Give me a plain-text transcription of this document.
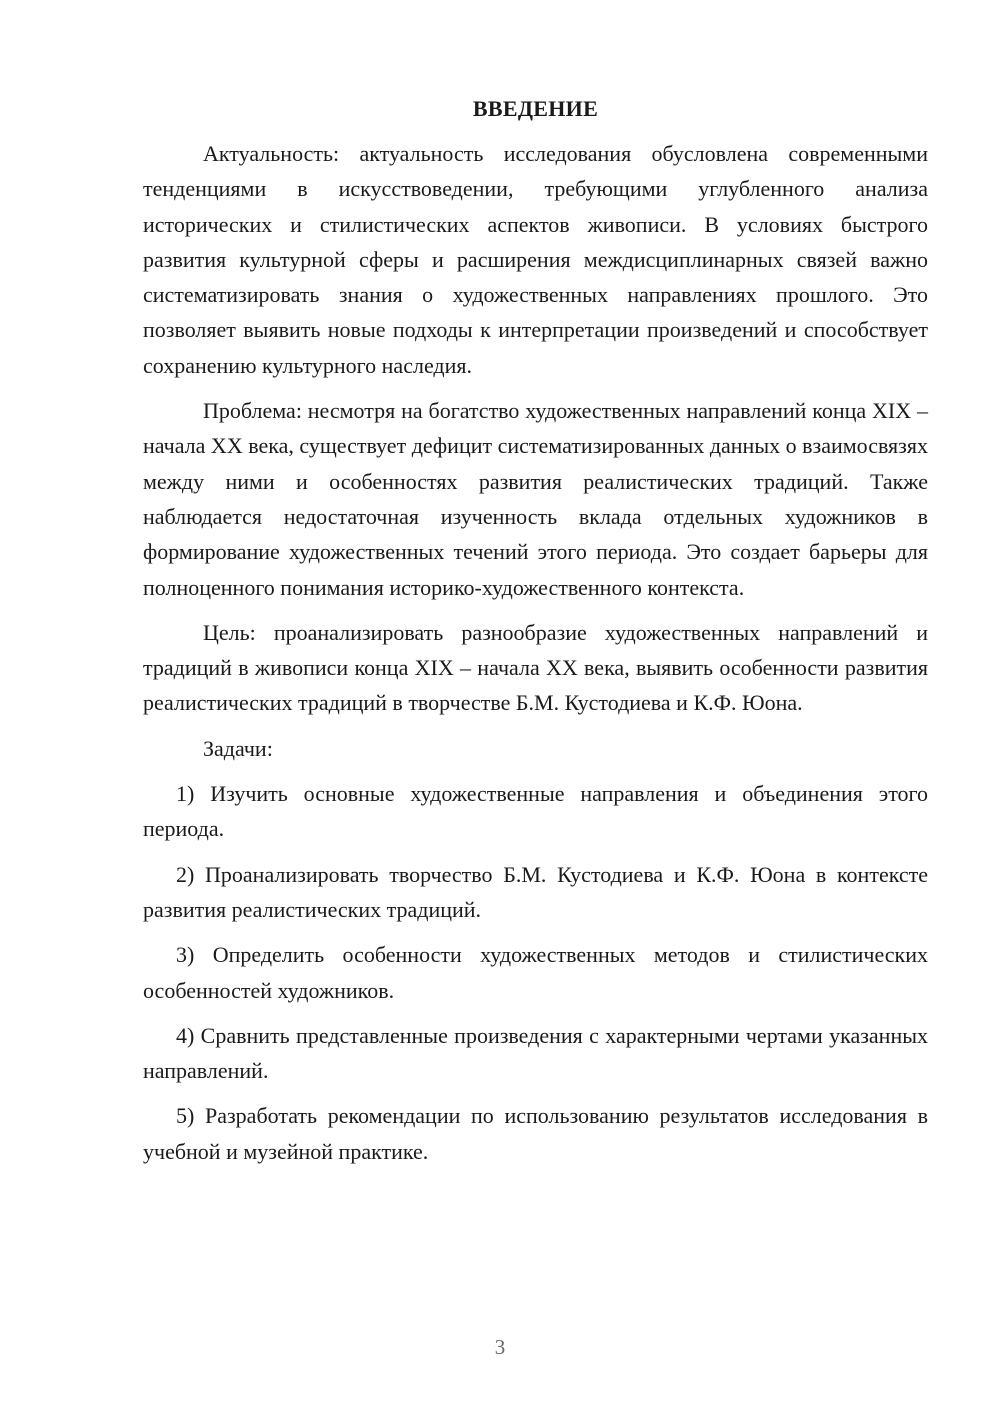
ВВЕДЕНИЕ

Актуальность: актуальность исследования обусловлена современными тенденциями в искусствоведении, требующими углубленного анализа исторических и стилистических аспектов живописи. В условиях быстрого развития культурной сферы и расширения междисциплинарных связей важно систематизировать знания о художественных направлениях прошлого. Это позволяет выявить новые подходы к интерпретации произведений и способствует сохранению культурного наследия.

Проблема: несмотря на богатство художественных направлений конца XIX – начала XX века, существует дефицит систематизированных данных о взаимосвязях между ними и особенностях развития реалистических традиций. Также наблюдается недостаточная изученность вклада отдельных художников в формирование художественных течений этого периода. Это создает барьеры для полноценного понимания историко-художественного контекста.

Цель: проанализировать разнообразие художественных направлений и традиций в живописи конца XIX – начала XX века, выявить особенности развития реалистических традиций в творчестве Б.М. Кустодиева и К.Ф. Юона.

Задачи:

1) Изучить основные художественные направления и объединения этого периода.

2) Проанализировать творчество Б.М. Кустодиева и К.Ф. Юона в контексте развития реалистических традиций.

3) Определить особенности художественных методов и стилистических особенностей художников.

4) Сравнить представленные произведения с характерными чертами указанных направлений.

5) Разработать рекомендации по использованию результатов исследования в учебной и музейной практике.

3
